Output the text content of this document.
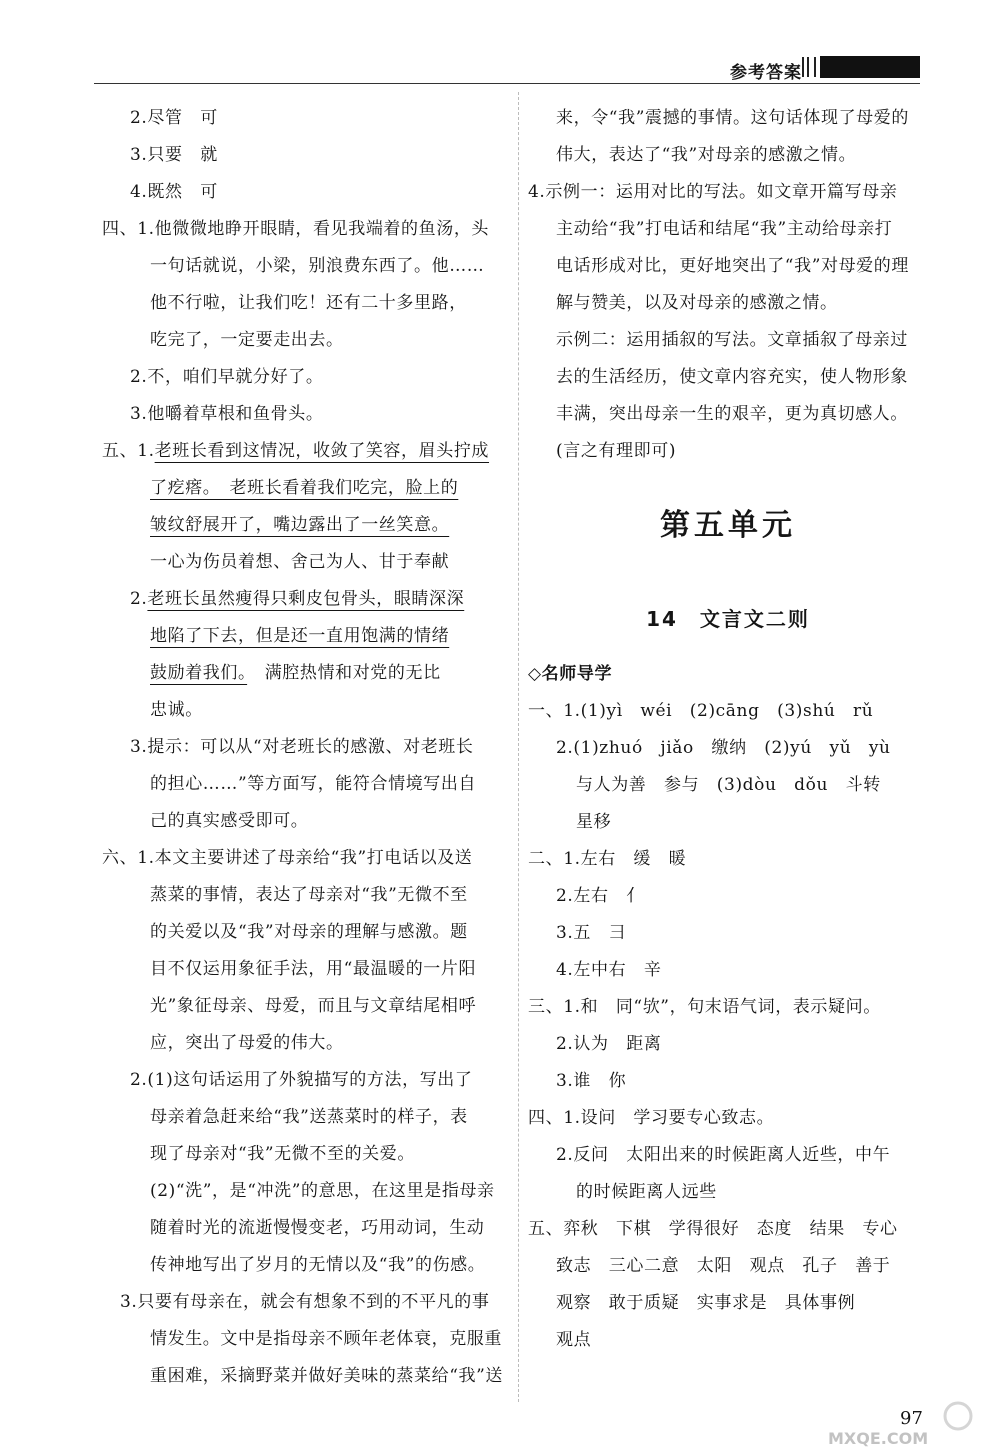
参考答案
2.尽管　可
3.只要　就
4.既然　可
四、1.他微微地睁开眼睛，看见我端着的鱼汤，头
一句话就说，小梁，别浪费东西了。他……
他不行啦，让我们吃！还有二十多里路，
吃完了，一定要走出去。
2.不，咱们早就分好了。
3.他嚼着草根和鱼骨头。
五、1.老班长看到这情况，收敛了笑容，眉头拧成
了疙瘩。　老班长看着我们吃完，脸上的
皱纹舒展开了，嘴边露出了一丝笑意。
一心为伤员着想、舍己为人、甘于奉献
2.老班长虽然瘦得只剩皮包骨头，眼睛深深
地陷了下去，但是还一直用饱满的情绪
鼓励着我们。　满腔热情和对党的无比
忠诚。
3.提示：可以从“对老班长的感激、对老班长
的担心……”等方面写，能符合情境写出自
己的真实感受即可。
六、1.本文主要讲述了母亲给“我”打电话以及送
蒸菜的事情，表达了母亲对“我”无微不至
的关爱以及“我”对母亲的理解与感激。题
目不仅运用象征手法，用“最温暖的一片阳
光”象征母亲、母爱，而且与文章结尾相呼
应，突出了母爱的伟大。
2.(1)这句话运用了外貌描写的方法，写出了
母亲着急赶来给“我”送蒸菜时的样子，表
现了母亲对“我”无微不至的关爱。
(2)“洗”，是“冲洗”的意思，在这里是指母亲
随着时光的流逝慢慢变老，巧用动词，生动
传神地写出了岁月的无情以及“我”的伤感。
3.只要有母亲在，就会有想象不到的不平凡的事
情发生。文中是指母亲不顾年老体衰，克服重
重困难，采摘野菜并做好美味的蒸菜给“我”送
来，令“我”震撼的事情。这句话体现了母爱的
伟大，表达了“我”对母亲的感激之情。
4.示例一：运用对比的写法。如文章开篇写母亲
主动给“我”打电话和结尾“我”主动给母亲打
电话形成对比，更好地突出了“我”对母爱的理
解与赞美，以及对母亲的感激之情。
示例二：运用插叙的写法。文章插叙了母亲过
去的生活经历，使文章内容充实，使人物形象
丰满，突出母亲一生的艰辛，更为真切感人。
(言之有理即可)
第五单元
14　文言文二则
◇名师导学
一、1.(1)yì　wéi　(2)cāng　(3)shú　rǔ
2.(1)zhuó　jiǎo　缴纳　(2)yú　yǔ　yù
与人为善　参与　(3)dòu　dǒu　斗转
星移
二、1.左右　缓　暖
2.左右　亻
3.五　彐
4.左中右　辛
三、1.和　同“欤”，句末语气词，表示疑问。
2.认为　距离
3.谁　你
四、1.设问　学习要专心致志。
2.反问　太阳出来的时候距离人近些，中午
的时候距离人远些
五、弈秋　下棋　学得很好　态度　结果　专心
致志　三心二意　太阳　观点　孔子　善于
观察　敢于质疑　实事求是　具体事例
观点
97
MXQE.COM
